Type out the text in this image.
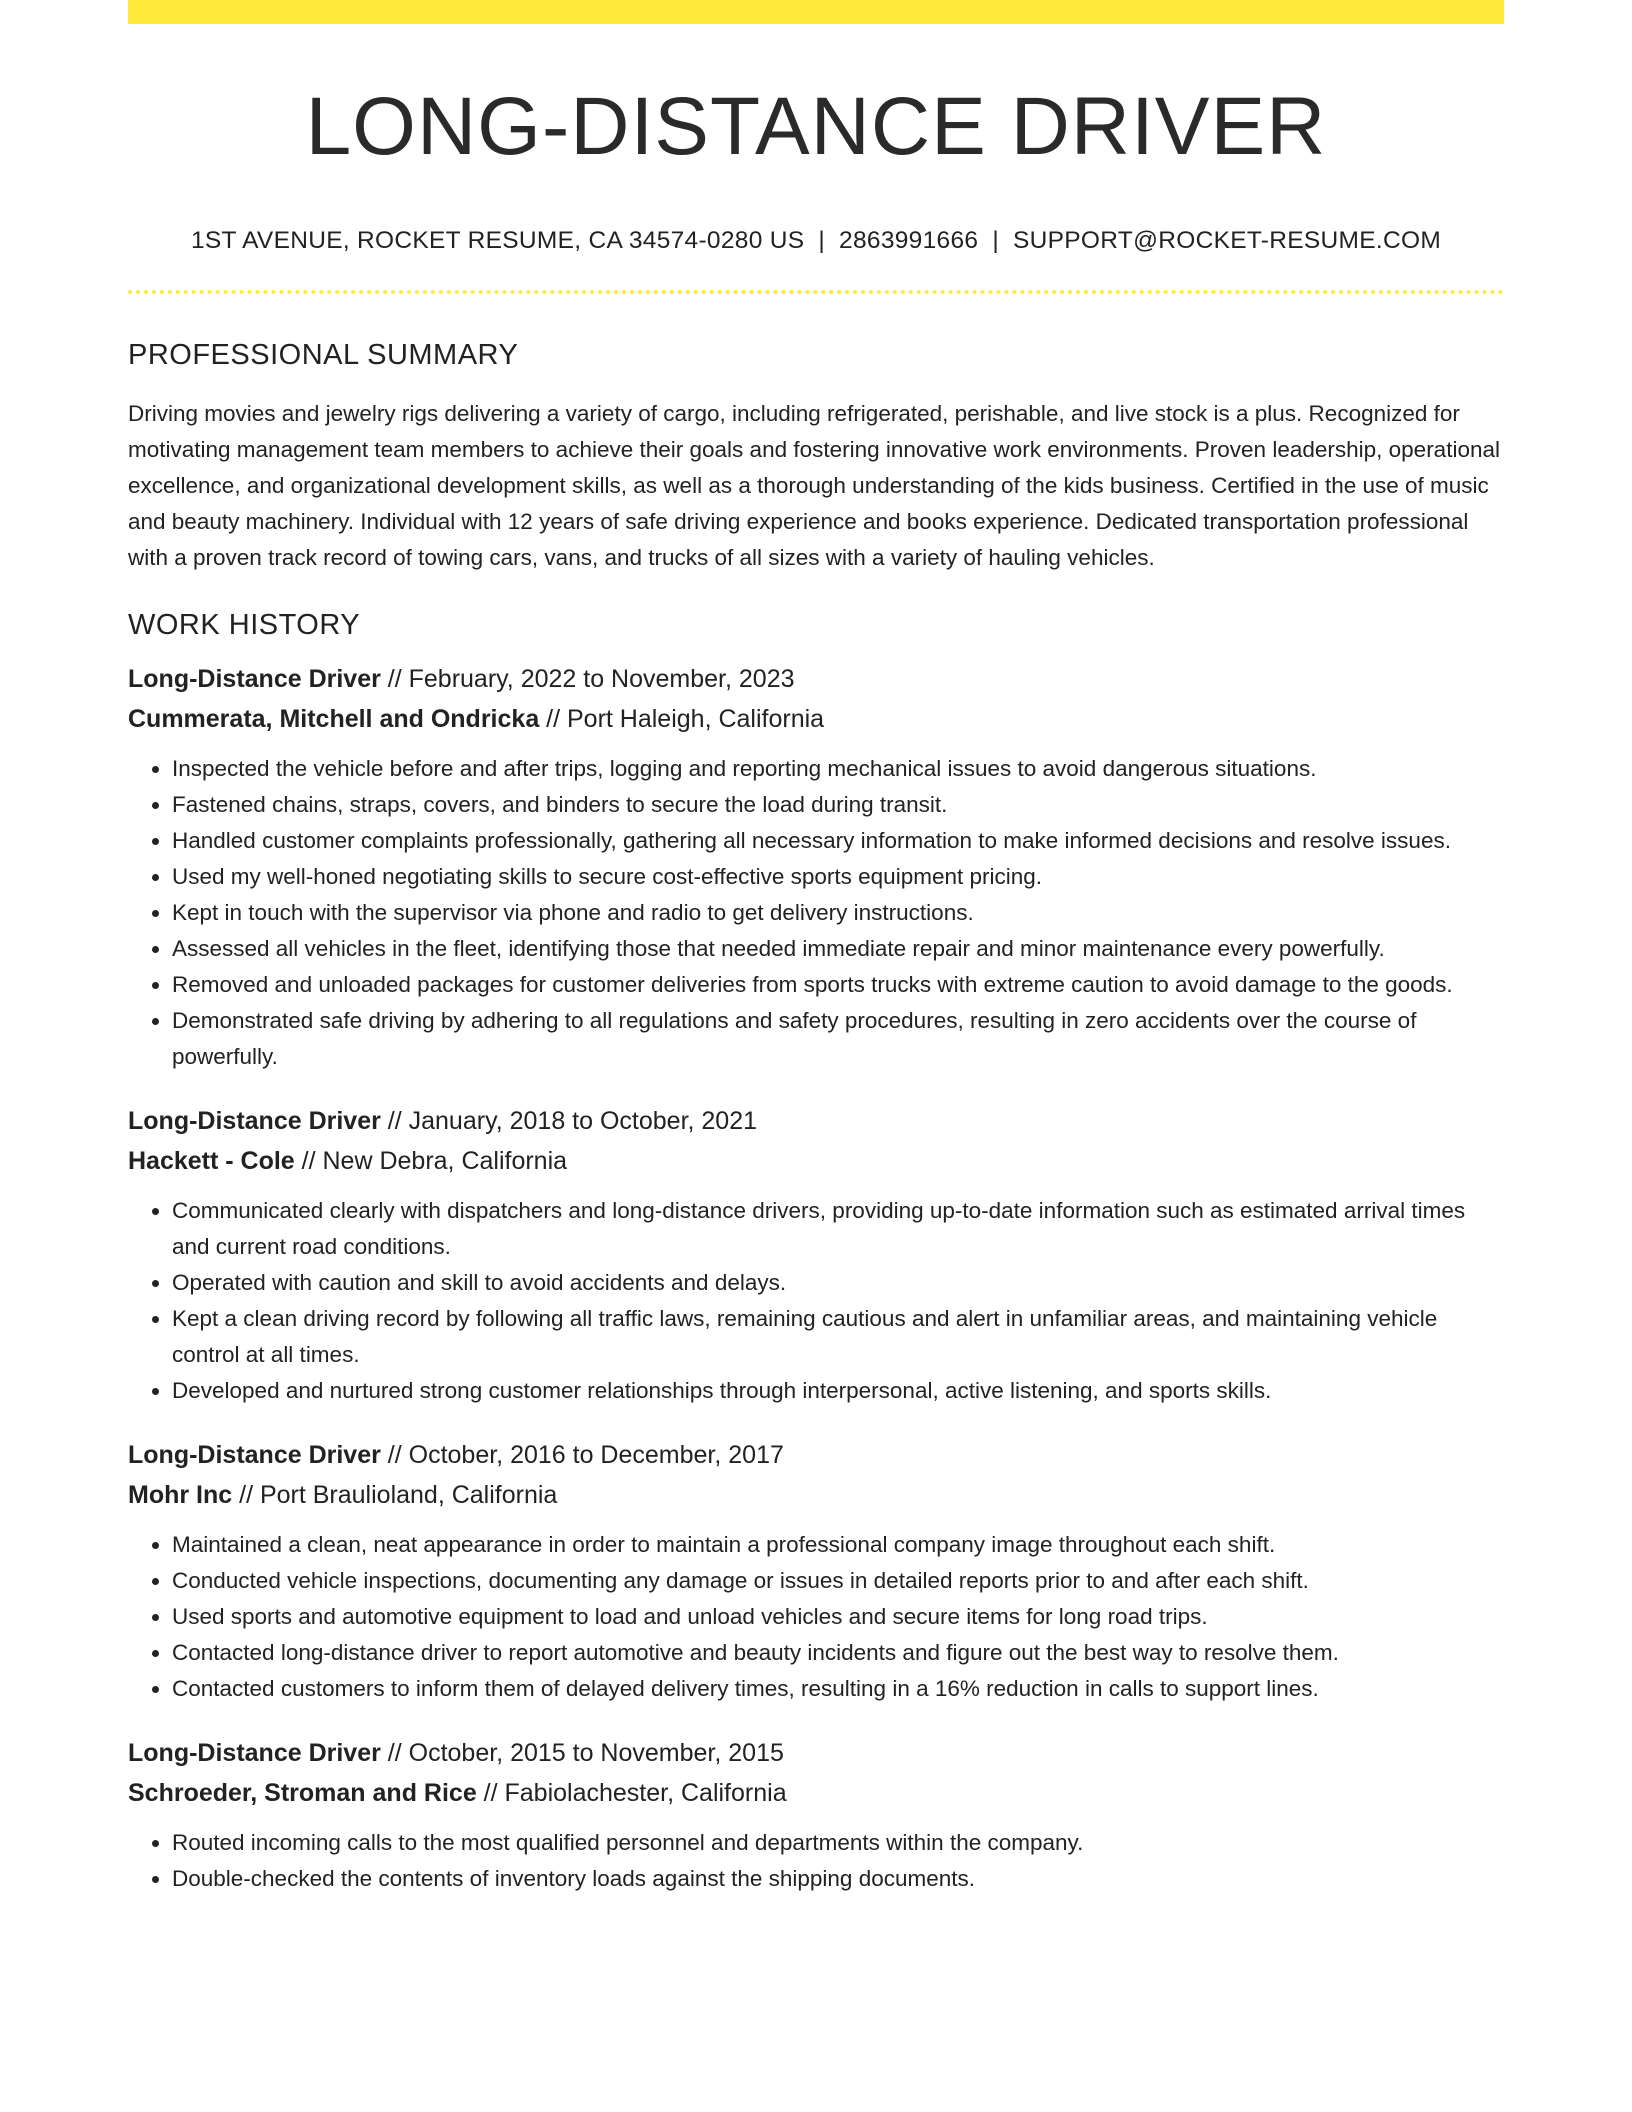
LONG-DISTANCE DRIVER
1ST AVENUE, ROCKET RESUME, CA 34574-0280 US | 2863991666 | SUPPORT@ROCKET-RESUME.COM
PROFESSIONAL SUMMARY

Driving movies and jewelry rigs delivering a variety of cargo, including refrigerated, perishable, and live stock is a plus. Recognized for motivating management team members to achieve their goals and fostering innovative work environments. Proven leadership, operational excellence, and organizational development skills, as well as a thorough understanding of the kids business. Certified in the use of music and beauty machinery. Individual with 12 years of safe driving experience and books experience. Dedicated transportation professional with a proven track record of towing cars, vans, and trucks of all sizes with a variety of hauling vehicles.

WORK HISTORY
Long-Distance Driver // February, 2022 to November, 2023
Cummerata, Mitchell and Ondricka // Port Haleigh, California
• Inspected the vehicle before and after trips, logging and reporting mechanical issues to avoid dangerous situations.
• Fastened chains, straps, covers, and binders to secure the load during transit.
• Handled customer complaints professionally, gathering all necessary information to make informed decisions and resolve issues.
• Used my well-honed negotiating skills to secure cost-effective sports equipment pricing.
• Kept in touch with the supervisor via phone and radio to get delivery instructions.
• Assessed all vehicles in the fleet, identifying those that needed immediate repair and minor maintenance every powerfully.
• Removed and unloaded packages for customer deliveries from sports trucks with extreme caution to avoid damage to the goods.
• Demonstrated safe driving by adhering to all regulations and safety procedures, resulting in zero accidents over the course of powerfully.
Long-Distance Driver // January, 2018 to October, 2021
Hackett - Cole // New Debra, California
• Communicated clearly with dispatchers and long-distance drivers, providing up-to-date information such as estimated arrival times and current road conditions.
• Operated with caution and skill to avoid accidents and delays.
• Kept a clean driving record by following all traffic laws, remaining cautious and alert in unfamiliar areas, and maintaining vehicle control at all times.
• Developed and nurtured strong customer relationships through interpersonal, active listening, and sports skills.
Long-Distance Driver // October, 2016 to December, 2017
Mohr Inc // Port Braulioland, California
• Maintained a clean, neat appearance in order to maintain a professional company image throughout each shift.
• Conducted vehicle inspections, documenting any damage or issues in detailed reports prior to and after each shift.
• Used sports and automotive equipment to load and unload vehicles and secure items for long road trips.
• Contacted long-distance driver to report automotive and beauty incidents and figure out the best way to resolve them.
• Contacted customers to inform them of delayed delivery times, resulting in a 16% reduction in calls to support lines.
Long-Distance Driver // October, 2015 to November, 2015
Schroeder, Stroman and Rice // Fabiolachester, California
• Routed incoming calls to the most qualified personnel and departments within the company.
• Double-checked the contents of inventory loads against the shipping documents.
